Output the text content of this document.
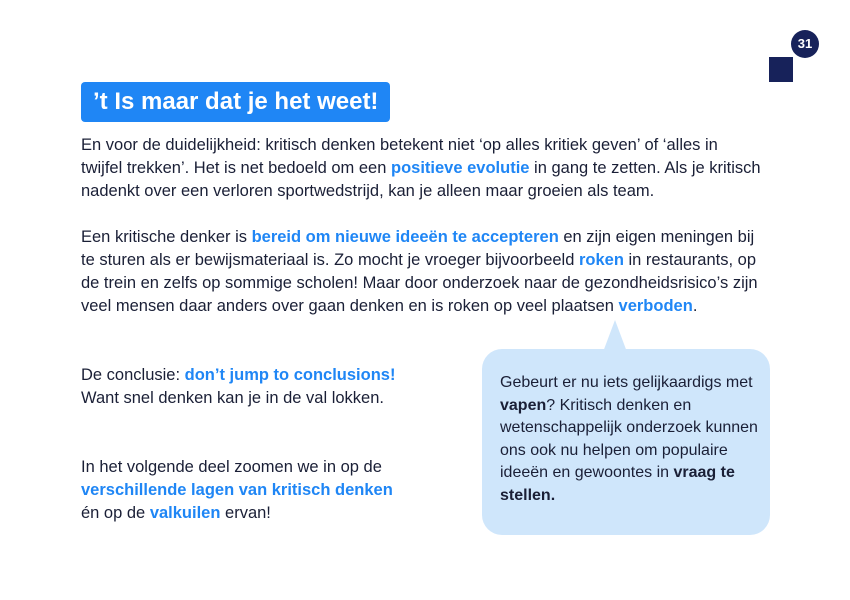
31
’t Is maar dat je het weet!

En voor de duidelijkheid: kritisch denken betekent niet ‘op alles kritiek geven’ of ‘alles in twijfel trekken’. Het is net bedoeld om een positieve evolutie in gang te zetten. Als je kritisch nadenkt over een verloren sportwedstrijd, kan je alleen maar groeien als team.

Een kritische denker is bereid om nieuwe ideeën te accepteren en zijn eigen meningen bij te sturen als er bewijsmateriaal is. Zo mocht je vroeger bijvoorbeeld roken in restaurants, op de trein en zelfs op sommige scholen! Maar door onderzoek naar de gezondheidsrisico’s zijn veel mensen daar anders over gaan denken en is roken op veel plaatsen verboden.

De conclusie: don’t jump to conclusions!
Want snel denken kan je in de val lokken.

In het volgende deel zoomen we in op de
verschillende lagen van kritisch denken
én op de valkuilen ervan!

Gebeurt er nu iets gelijkaardigs met vapen? Kritisch denken en wetenschappelijk onderzoek kunnen ons ook nu helpen om populaire ideeën en gewoontes in vraag te stellen.
